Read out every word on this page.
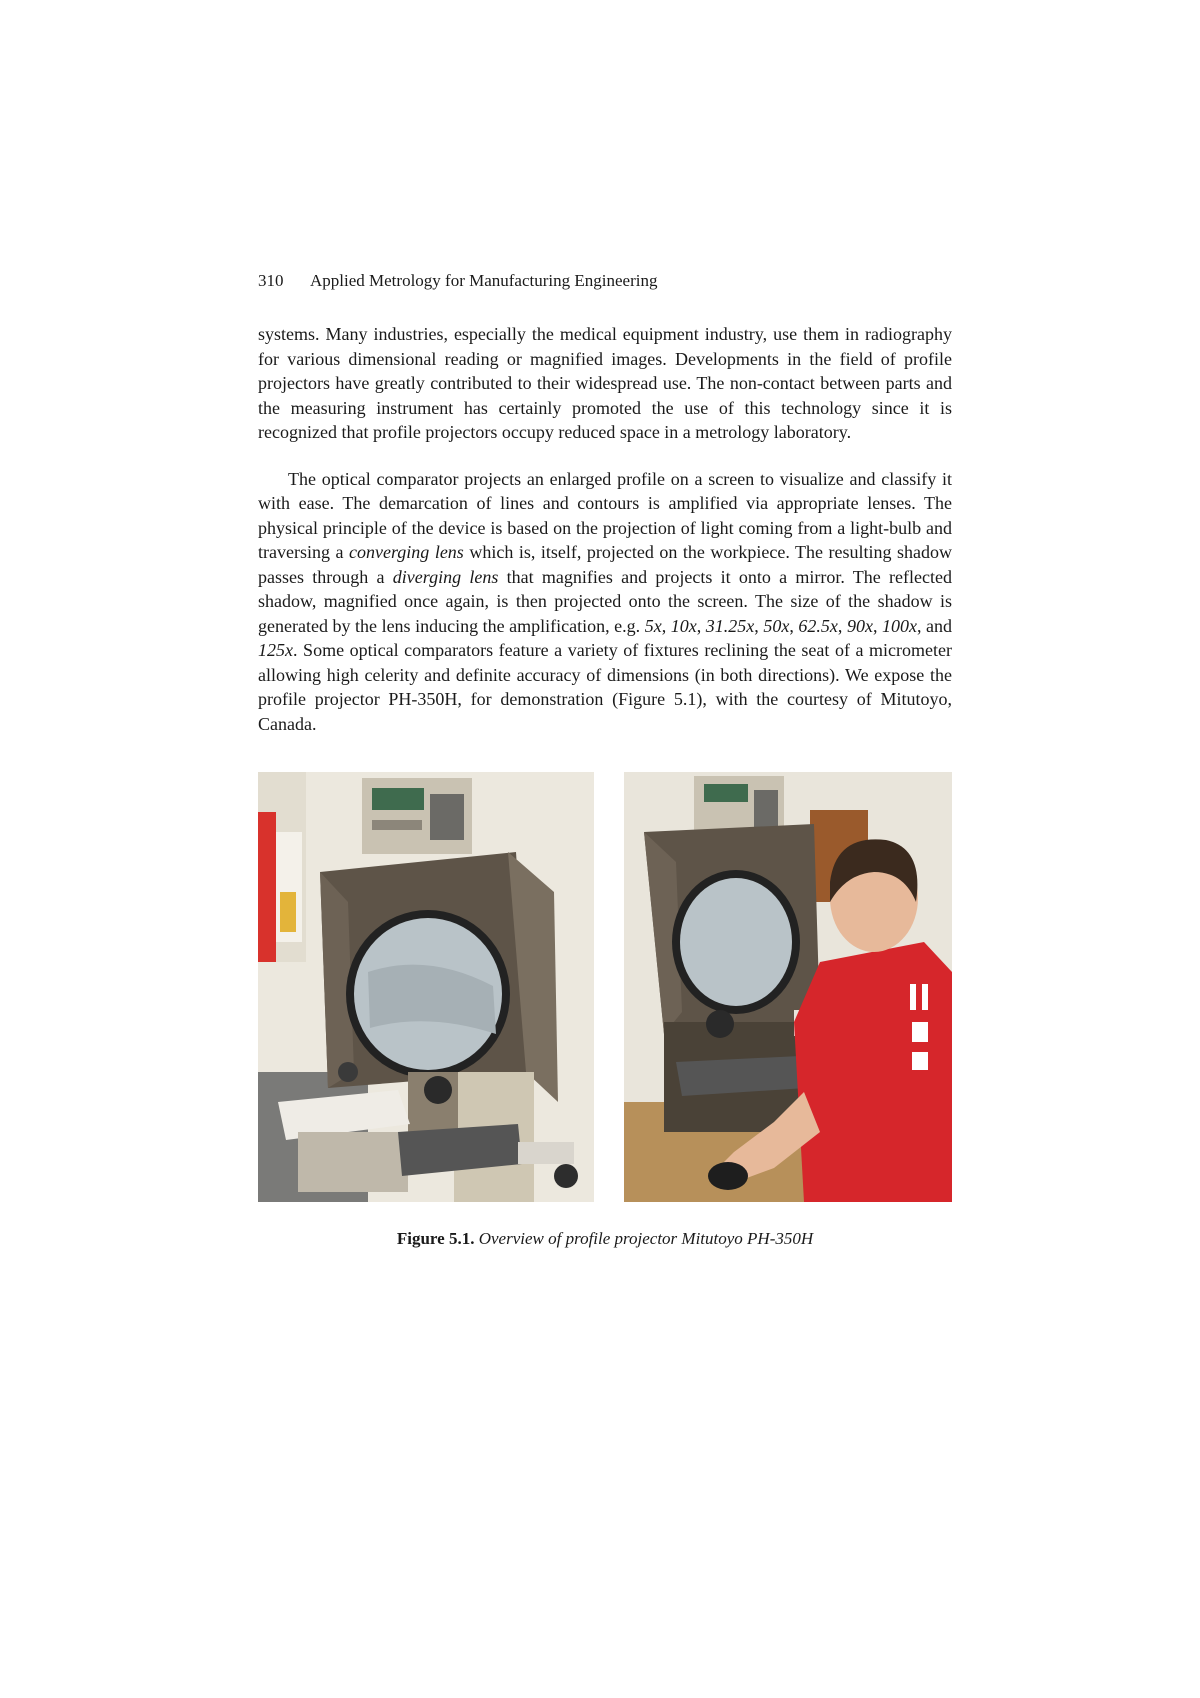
310 Applied Metrology for Manufacturing Engineering

systems. Many industries, especially the medical equipment industry, use them in radiography for various dimensional reading or magnified images. Developments in the field of profile projectors have greatly contributed to their widespread use. The non-contact between parts and the measuring instrument has certainly promoted the use of this technology since it is recognized that profile projectors occupy reduced space in a metrology laboratory.

The optical comparator projects an enlarged profile on a screen to visualize and classify it with ease. The demarcation of lines and contours is amplified via appropriate lenses. The physical principle of the device is based on the projection of light coming from a light-bulb and traversing a converging lens which is, itself, projected on the workpiece. The resulting shadow passes through a diverging lens that magnifies and projects it onto a mirror. The reflected shadow, magnified once again, is then projected onto the screen. The size of the shadow is generated by the lens inducing the amplification, e.g. 5x, 10x, 31.25x, 50x, 62.5x, 90x, 100x, and 125x. Some optical comparators feature a variety of fixtures reclining the seat of a micrometer allowing high celerity and definite accuracy of dimensions (in both directions). We expose the profile projector PH-350H, for demonstration (Figure 5.1), with the courtesy of Mitutoyo, Canada.

Figure 5.1. Overview of profile projector Mitutoyo PH-350H
